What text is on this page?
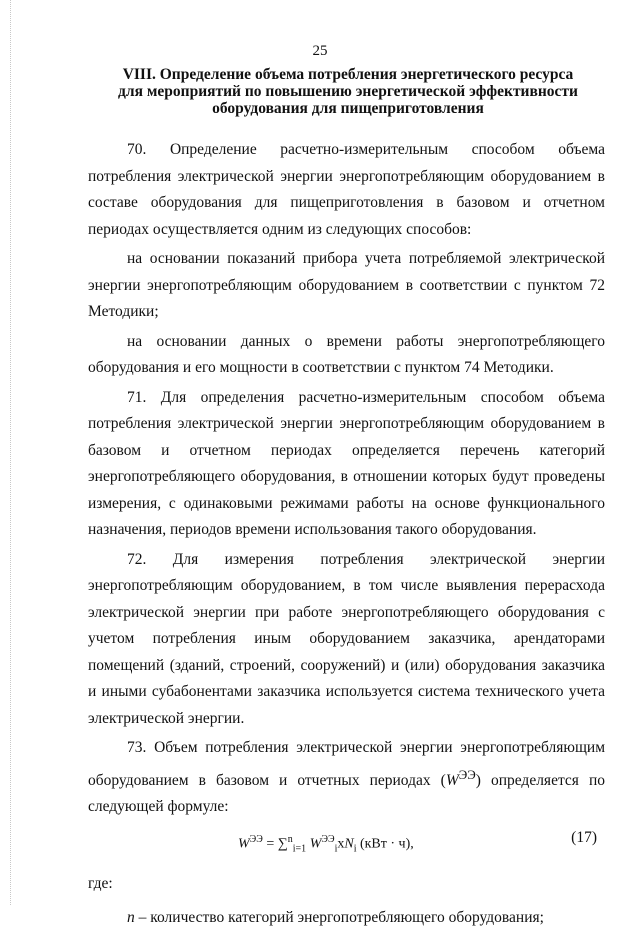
25
VIII. Определение объема потребления энергетического ресурса
для мероприятий по повышению энергетической эффективности
оборудования для пищеприготовления

70. Определение расчетно-измерительным способом объема потребления электрической энергии энергопотребляющим оборудованием в составе оборудования для пищеприготовления в базовом и отчетном периодах осуществляется одним из следующих способов:

на основании показаний прибора учета потребляемой электрической энергии энергопотребляющим оборудованием в соответствии с пунктом 72 Методики;

на основании данных о времени работы энергопотребляющего оборудования и его мощности в соответствии с пунктом 74 Методики.

71. Для определения расчетно-измерительным способом объема потребления электрической энергии энергопотребляющим оборудованием в базовом и отчетном периодах определяется перечень категорий энергопотребляющего оборудования, в отношении которых будут проведены измерения, с одинаковыми режимами работы на основе функционального назначения, периодов времени использования такого оборудования.

72. Для измерения потребления электрической энергии энергопотребляющим оборудованием, в том числе выявления перерасхода электрической энергии при работе энергопотребляющего оборудования с учетом потребления иным оборудованием заказчика, арендаторами помещений (зданий, строений, сооружений) и (или) оборудования заказчика и иными субабонентами заказчика используется система технического учета электрической энергии.

73. Объем потребления электрической энергии энергопотребляющим оборудованием в базовом и отчетных периодах $(W^{ЭЭ})$ определяется по следующей формуле:

$W^{ЭЭ} = \sum^n_{i=1}$ $W^{ЭЭ}_ixN_i$ (кВт · ч),	(17)

где:

n – количество категорий энергопотребляющего оборудования;
